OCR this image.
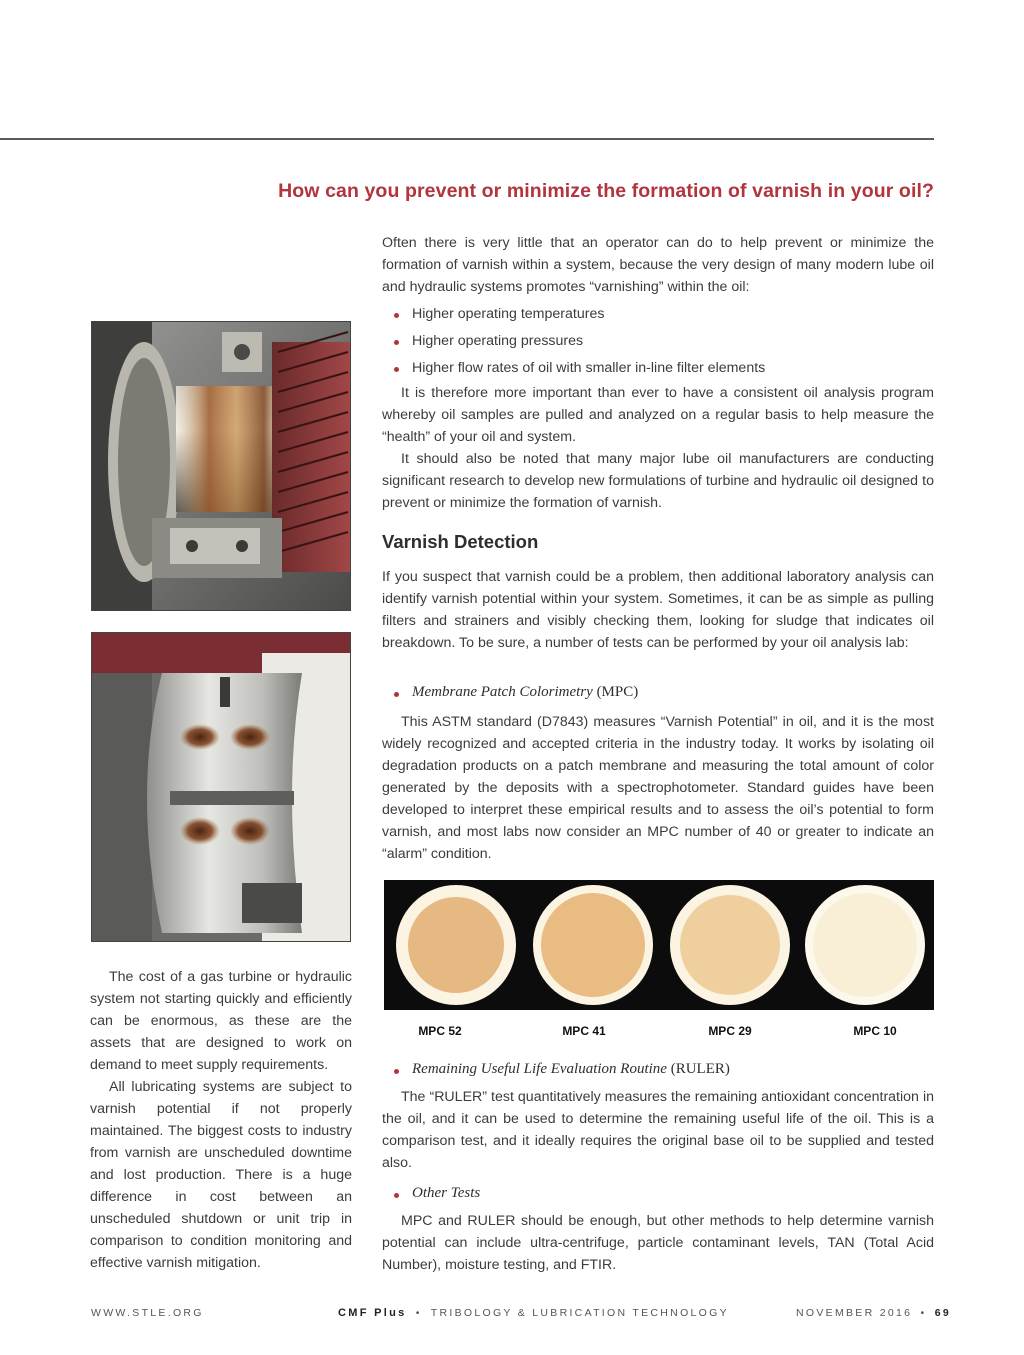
How can you prevent or minimize the formation of varnish in your oil?

Often there is very little that an operator can do to help prevent or minimize the formation of varnish within a system, because the very design of many modern lube oil and hydraulic systems promotes “varnishing” within the oil:

Higher operating temperatures
Higher operating pressures
Higher flow rates of oil with smaller in-line filter elements

It is therefore more important than ever to have a consistent oil analysis program whereby oil samples are pulled and analyzed on a regular basis to help measure the “health” of your oil and system.

It should also be noted that many major lube oil manufacturers are conducting significant research to develop new formulations of turbine and hydraulic oil designed to prevent or minimize the formation of varnish.

Varnish Detection

If you suspect that varnish could be a problem, then additional laboratory analysis can identify varnish potential within your system. Sometimes, it can be as simple as pulling filters and strainers and visibly checking them, looking for sludge that indicates oil breakdown. To be sure, a number of tests can be performed by your oil analysis lab:

Membrane Patch Colorimetry (MPC)

This ASTM standard (D7843) measures “Varnish Potential” in oil, and it is the most widely recognized and accepted criteria in the industry today. It works by isolating oil degradation products on a patch membrane and measuring the total amount of color generated by the deposits with a spectrophotometer. Standard guides have been developed to interpret these empirical results and to assess the oil’s potential to form varnish, and most labs now consider an MPC number of 40 or greater to indicate an “alarm” condition.

MPC 52	MPC 41	MPC 29	MPC 10
Remaining Useful Life Evaluation Routine (RULER)

The “RULER” test quantitatively measures the remaining antioxidant concentration in the oil, and it can be used to determine the remaining useful life of the oil. This is a comparison test, and it ideally requires the original base oil to be supplied and tested also.

Other Tests

MPC and RULER should be enough, but other methods to help determine varnish potential can include ultra-centrifuge, particle contaminant levels, TAN (Total Acid Number), moisture testing, and FTIR.

The cost of a gas turbine or hydraulic system not starting quickly and efficiently can be enormous, as these are the assets that are designed to work on demand to meet supply requirements.

All lubricating systems are subject to varnish potential if not properly maintained. The biggest costs to industry from varnish are unscheduled downtime and lost production. There is a huge difference in cost between an unscheduled shutdown or unit trip in comparison to condition monitoring and effective varnish mitigation.

WWW.STLE.ORG	CMF Plus • TRIBOLOGY & LUBRICATION TECHNOLOGY	NOVEMBER 2016 • 69
